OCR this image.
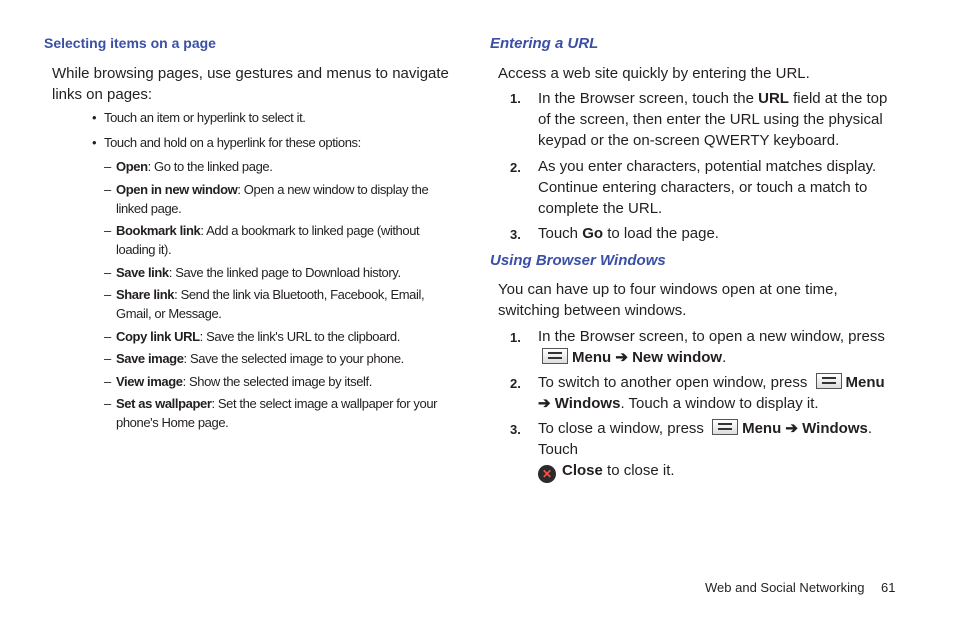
Selecting items on a page
While browsing pages, use gestures and menus to navigate links on pages:
• Touch an item or hyperlink to select it.
• Touch and hold on a hyperlink for these options:
– Open: Go to the linked page.
– Open in new window: Open a new window to display the linked page.
– Bookmark link: Add a bookmark to linked page (without loading it).
– Save link: Save the linked page to Download history.
– Share link: Send the link via Bluetooth, Facebook, Email, Gmail, or Message.
– Copy link URL: Save the link's URL to the clipboard.
– Save image: Save the selected image to your phone.
– View image: Show the selected image by itself.
– Set as wallpaper: Set the select image a wallpaper for your phone's Home page.
Entering a URL
Access a web site quickly by entering the URL.
1. In the Browser screen, touch the URL field at the top of the screen, then enter the URL using the physical keypad or the on-screen QWERTY keyboard.
2. As you enter characters, potential matches display. Continue entering characters, or touch a match to complete the URL.
3. Touch Go to load the page.
Using Browser Windows
You can have up to four windows open at one time, switching between windows.
1. In the Browser screen, to open a new window, press Menu ➔ New window.
2. To switch to another open window, press Menu ➔ Windows. Touch a window to display it.
3. To close a window, press Menu ➔ Windows. Touch
✕ Close to close it.
Web and Social Networking 61
